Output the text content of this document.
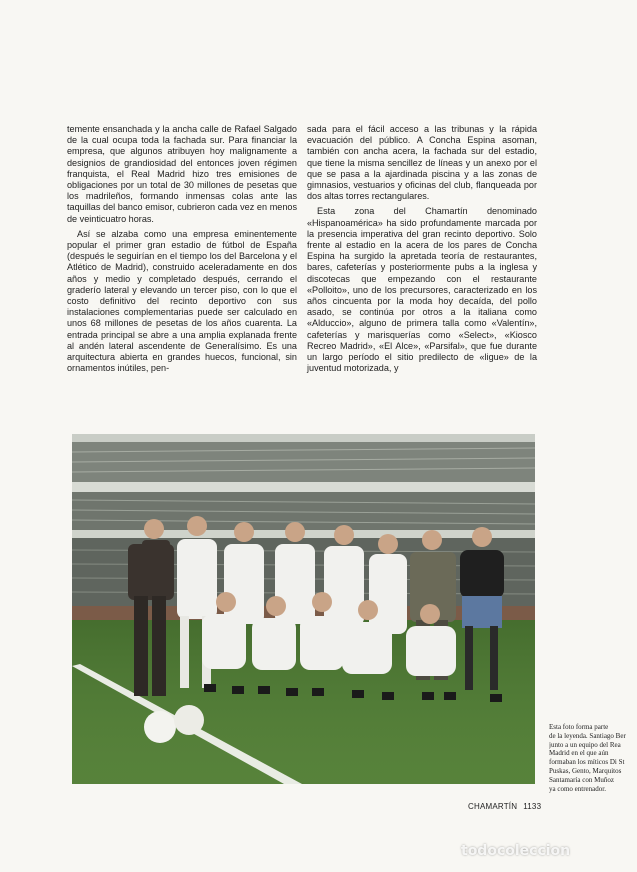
temente ensanchada y la ancha calle de Rafael Salgado de la cual ocupa toda la fachada sur. Para financiar la empresa, que algunos atribuyen hoy malignamente a designios de grandiosidad del entonces joven régimen franquista, el Real Madrid hizo tres emisiones de obligaciones por un total de 30 millones de pesetas que los madrileños, formando inmensas colas ante las taquillas del banco emisor, cubrieron cada vez en menos de veinticuatro horas.

Así se alzaba como una empresa eminentemente popular el primer gran estadio de fútbol de España (después le seguirían en el tiempo los del Barcelona y el Atlético de Madrid), construido aceleradamente en dos años y medio y completado después, cerrando el graderío lateral y elevando un tercer piso, con lo que el costo definitivo del recinto deportivo con sus instalaciones complementarias puede ser calculado en unos 68 millones de pesetas de los años cuarenta. La entrada principal se abre a una amplia explanada frente al andén lateral ascendente de Generalísimo. Es una arquitectura abierta en grandes huecos, funcional, sin ornamentos inútiles, pen-

sada para el fácil acceso a las tribunas y la rápida evacuación del público. A Concha Espina asoman, también con ancha acera, la fachada sur del estadio, que tiene la misma sencillez de líneas y un anexo por el que se pasa a la ajardinada piscina y a las zonas de gimnasios, vestuarios y oficinas del club, flanqueada por dos altas torres rectangulares.

Esta zona del Chamartín denominado «Hispanoamérica» ha sido profundamente marcada por la presencia imperativa del gran recinto deportivo. Solo frente al estadio en la acera de los pares de Concha Espina ha surgido la apretada teoría de restaurantes, bares, cafeterías y posteriormente pubs a la inglesa y discotecas que empezando con el restaurante «Polloito», uno de los precursores, caracterizado en los años cincuenta por la moda hoy decaída, del pollo asado, se continúa por otros a la italiana como «Alduccio», alguno de primera talla como «Valentín», cafeterías y marisquerías como «Select», «Kiosco Recreo Madrid», «El Alce», «Parsifal», que fue durante un largo período el sitio predilecto de «ligue» de la juventud motorizada, y

Esta foto forma parte
de la leyenda. Santiago Ber
junto a un equipo del Rea
Madrid en el que aún
formaban los míticos Di St
Puskas, Gento, Marquitos
Santamaría con Muñoz
ya como entrenador.
CHAMARTÍN 1133
todocoleccion
